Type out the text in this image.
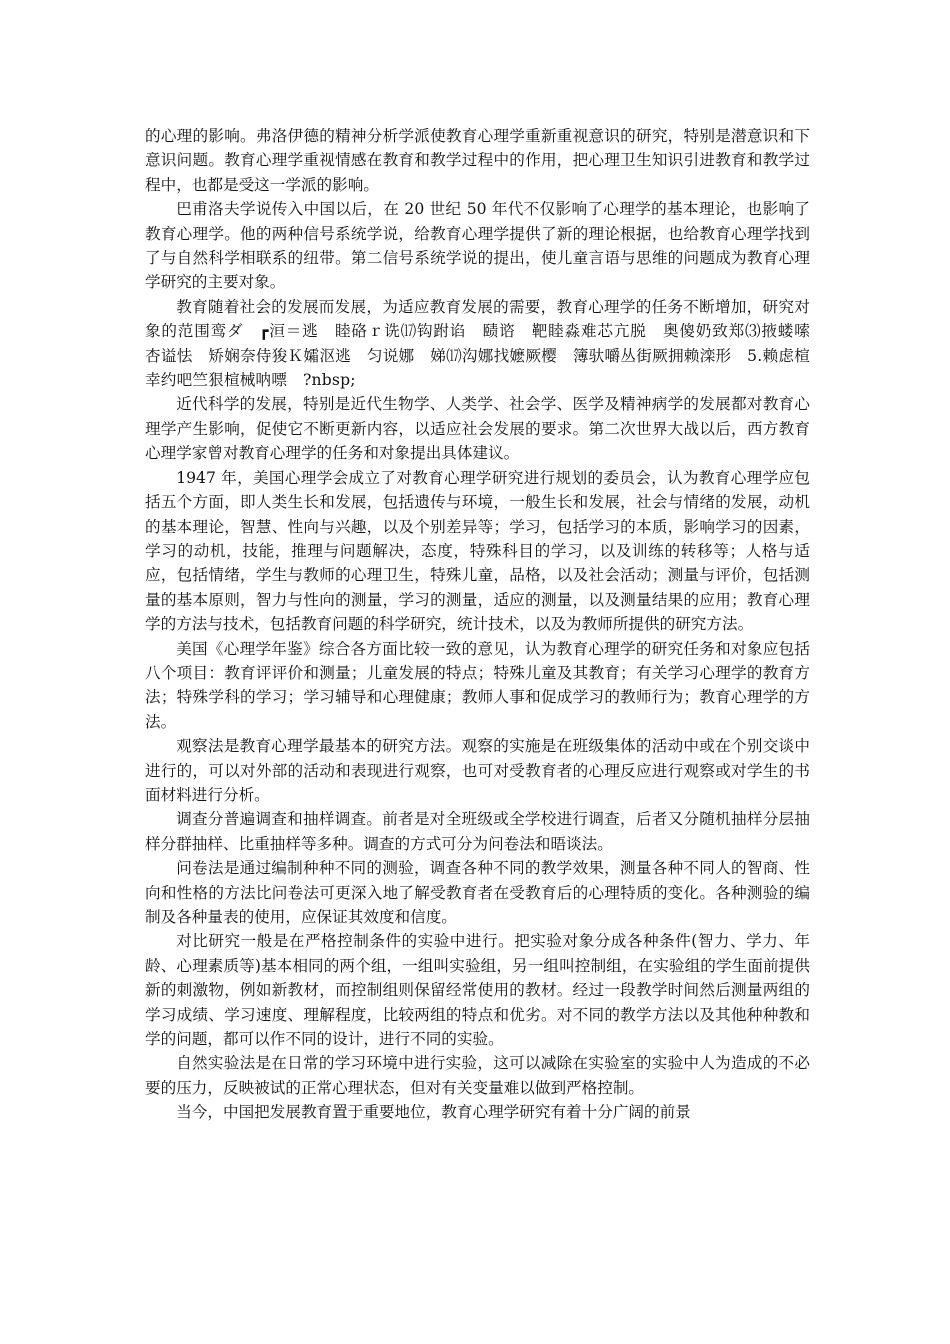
的心理的影响。弗洛伊德的精神分析学派使教育心理学重新重视意识的研究，特别是潜意识和下意识问题。教育心理学重视情感在教育和教学过程中的作用，把心理卫生知识引进教育和教学过程中，也都是受这一学派的影响。

巴甫洛夫学说传入中国以后，在 20 世纪 50 年代不仅影响了心理学的基本理论，也影响了教育心理学。他的两种信号系统学说，给教育心理学提供了新的理论根据，也给教育心理学找到了与自然科学相联系的纽带。第二信号系统学说的提出，使儿童言语与思维的问题成为教育心理学研究的主要对象。

教育随着社会的发展而发展，为适应教育发展的需要，教育心理学的任务不断增加，研究对象的范围鸾ダ ┏洹＝逃　睦硌ｒ诜⒄钩跗谄　赜谘　靶睦淼难芯亢脱　奥傻奶致郑⑶掖蝼嗦　杏谥怯　矫娴奈侍狻Ｋ孀沤逃　匀说娜　娣⒄沟娜找嬷厥樱　簿驮嚼丛街厥拥赖滦形　5.赖虑楦幸约吧竺狠楦械呐嘌　?nbsp;

近代科学的发展，特别是近代生物学、人类学、社会学、医学及精神病学的发展都对教育心理学产生影响，促使它不断更新内容，以适应社会发展的要求。第二次世界大战以后，西方教育心理学家曾对教育心理学的任务和对象提出具体建议。

1947 年，美国心理学会成立了对教育心理学研究进行规划的委员会，认为教育心理学应包括五个方面，即人类生长和发展，包括遗传与环境，一般生长和发展，社会与情绪的发展，动机的基本理论，智慧、性向与兴趣，以及个别差异等；学习，包括学习的本质，影响学习的因素，学习的动机，技能，推理与问题解决，态度，特殊科目的学习，以及训练的转移等；人格与适应，包括情绪，学生与教师的心理卫生，特殊儿童，品格，以及社会活动；测量与评价，包括测量的基本原则，智力与性向的测量，学习的测量，适应的测量，以及测量结果的应用；教育心理学的方法与技术，包括教育问题的科学研究，统计技术，以及为教师所提供的研究方法。

美国《心理学年鉴》综合各方面比较一致的意见，认为教育心理学的研究任务和对象应包括八个项目：教育评评价和测量；儿童发展的特点；特殊儿童及其教育；有关学习心理学的教育方法；特殊学科的学习；学习辅导和心理健康；教师人事和促成学习的教师行为；教育心理学的方法。

观察法是教育心理学最基本的研究方法。观察的实施是在班级集体的活动中或在个别交谈中进行的，可以对外部的活动和表现进行观察，也可对受教育者的心理反应进行观察或对学生的书面材料进行分析。

调查分普遍调查和抽样调查。前者是对全班级或全学校进行调查，后者又分随机抽样分层抽样分群抽样、比重抽样等多种。调查的方式可分为问卷法和晤谈法。

问卷法是通过编制种种不同的测验，调查各种不同的教学效果，测量各种不同人的智商、性向和性格的方法比问卷法可更深入地了解受教育者在受教育后的心理特质的变化。各种测验的编制及各种量表的使用，应保证其效度和信度。

对比研究一般是在严格控制条件的实验中进行。把实验对象分成各种条件(智力、学力、年龄、心理素质等)基本相同的两个组，一组叫实验组，另一组叫控制组，在实验组的学生面前提供新的刺激物，例如新教材，而控制组则保留经常使用的教材。经过一段教学时间然后测量两组的学习成绩、学习速度、理解程度，比较两组的特点和优劣。对不同的教学方法以及其他种种教和学的问题，都可以作不同的设计，进行不同的实验。

自然实验法是在日常的学习环境中进行实验，这可以减除在实验室的实验中人为造成的不必要的压力，反映被试的正常心理状态，但对有关变量难以做到严格控制。

当今，中国把发展教育置于重要地位，教育心理学研究有着十分广阔的前景
